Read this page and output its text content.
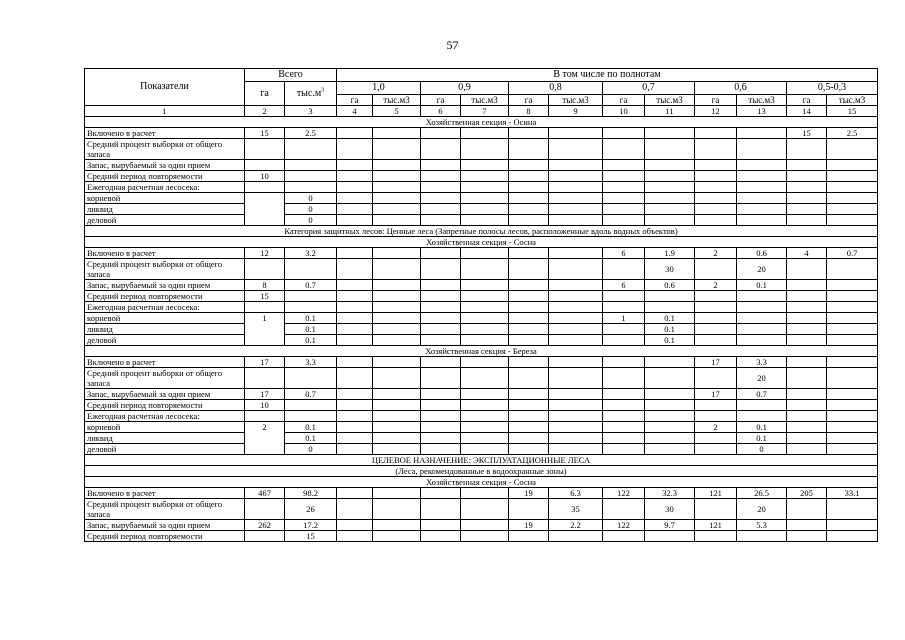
57
Показатели	Всего		В том числе по полнотам											
	га	$тыс.м^3$	1,0		0,9		0,8		0,7		0,6		0,5-0,3	
			га	тыс.м3	га	тыс.м3	га	тыс.м3	га	тыс.м3	га	тыс.м3	га	тыс.м3
1	2	3	4	5	6	7	8	9	10	11	12	13	14	15
Хозяйственная секция - Осина														
Включено в расчет	15	2.5											15	2.5
Средний процент выборки от общего запаса														
Запас, вырубаемый за один прием														
Средний период повторяемости	10													
Ежегодная расчетная лесосека:														
корневой		0												
ликвид		0												
деловой		0												
Категория защитных лесов: Ценные леса (Запретные полосы лесов, расположенные вдоль водных объектов)														
Хозяйственная секция - Сосна														
Включено в расчет	12	3.2							6	1.9	2	0.6	4	0.7
Средний процент выборки от общего запаса										30		20		
Запас, вырубаемый за один прием	8	0.7							6	0.6	2	0.1		
Средний период повторяемости	15													
Ежегодная расчетная лесосека:														
корневой	1	0.1							1	0.1				
ликвид		0.1								0.1				
деловой		0.1								0.1				
Хозяйственная секция - Береза														
Включено в расчет	17	3.3									17	3.3		
Средний процент выборки от общего запаса												20		
Запас, вырубаемый за один прием	17	0.7									17	0.7		
Средний период повторяемости	10													
Ежегодная расчетная лесосека:														
корневой	2	0.1									2	0.1		
ликвид		0.1										0.1		
деловой		0										0		
ЦЕЛЕВОЕ НАЗНАЧЕНИЕ: ЭКСПЛУАТАЦИОННЫЕ ЛЕСА														
(Леса, рекомендованные в водоохранные зоны)														
Хозяйственная секция - Сосна														
Включено в расчет	467	98.2					19	6.3	122	32.3	121	26.5	205	33.1
Средний процент выборки от общего запаса		26						35		30		20		
Запас, вырубаемый за один прием	262	17.2					19	2.2	122	9.7	121	5.3		
Средний период повторяемости		15												
